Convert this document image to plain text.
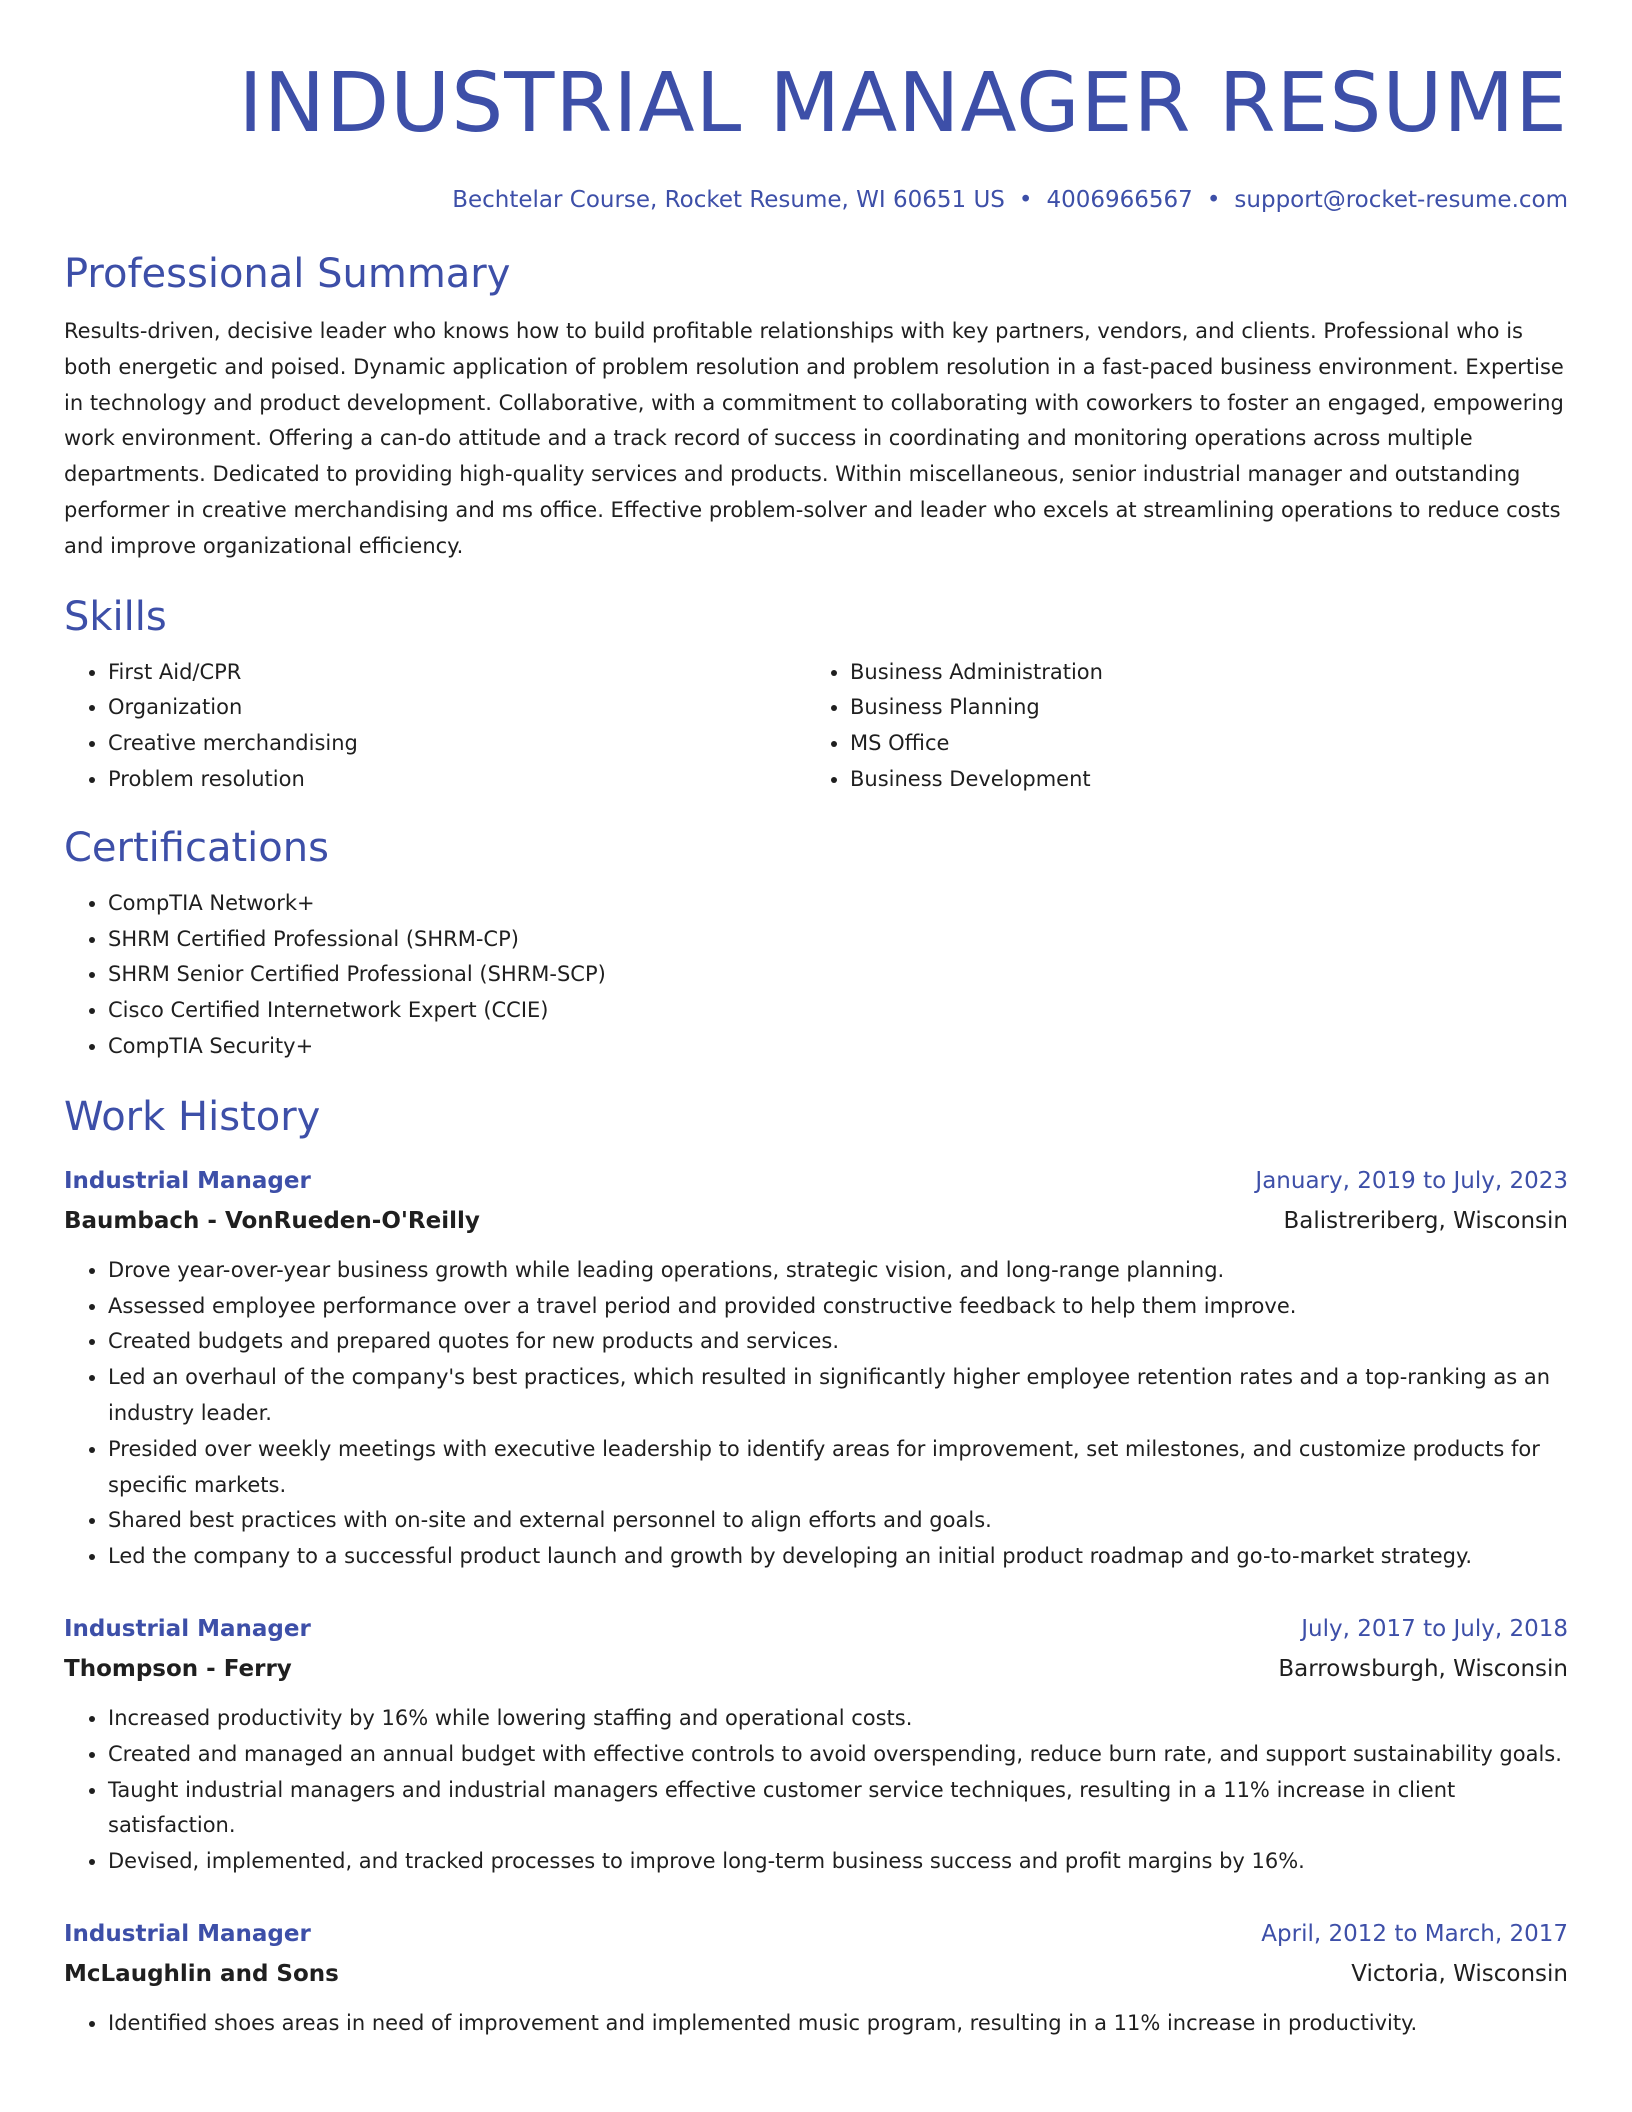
INDUSTRIAL MANAGER RESUME
Bechtelar Course, Rocket Resume, WI 60651 US • 4006966567 • support@rocket-resume.com
Professional Summary

Results-driven, decisive leader who knows how to build profitable relationships with key partners, vendors, and clients. Professional who is both energetic and poised. Dynamic application of problem resolution and problem resolution in a fast-paced business environment. Expertise in technology and product development. Collaborative, with a commitment to collaborating with coworkers to foster an engaged, empowering work environment. Offering a can-do attitude and a track record of success in coordinating and monitoring operations across multiple departments. Dedicated to providing high-quality services and products. Within miscellaneous, senior industrial manager and outstanding performer in creative merchandising and ms office. Effective problem-solver and leader who excels at streamlining operations to reduce costs and improve organizational efficiency.

Skills
• First Aid/CPR
• Organization
• Creative merchandising
• Problem resolution
• Business Administration
• Business Planning
• MS Office
• Business Development
Certifications
• CompTIA Network+
• SHRM Certified Professional (SHRM-CP)
• SHRM Senior Certified Professional (SHRM-SCP)
• Cisco Certified Internetwork Expert (CCIE)
• CompTIA Security+
Work History
Industrial Manager	January, 2019 to July, 2023
Baumbach - VonRueden-O'Reilly	Balistreriberg, Wisconsin
• Drove year-over-year business growth while leading operations, strategic vision, and long-range planning.
• Assessed employee performance over a travel period and provided constructive feedback to help them improve.
• Created budgets and prepared quotes for new products and services.
• Led an overhaul of the company's best practices, which resulted in significantly higher employee retention rates and a top-ranking as an industry leader.
• Presided over weekly meetings with executive leadership to identify areas for improvement, set milestones, and customize products for specific markets.
• Shared best practices with on-site and external personnel to align efforts and goals.
• Led the company to a successful product launch and growth by developing an initial product roadmap and go-to-market strategy.
Industrial Manager	July, 2017 to July, 2018
Thompson - Ferry	Barrowsburgh, Wisconsin
• Increased productivity by 16% while lowering staffing and operational costs.
• Created and managed an annual budget with effective controls to avoid overspending, reduce burn rate, and support sustainability goals.
• Taught industrial managers and industrial managers effective customer service techniques, resulting in a 11% increase in client satisfaction.
• Devised, implemented, and tracked processes to improve long-term business success and profit margins by 16%.
Industrial Manager	April, 2012 to March, 2017
McLaughlin and Sons	Victoria, Wisconsin
• Identified shoes areas in need of improvement and implemented music program, resulting in a 11% increase in productivity.
